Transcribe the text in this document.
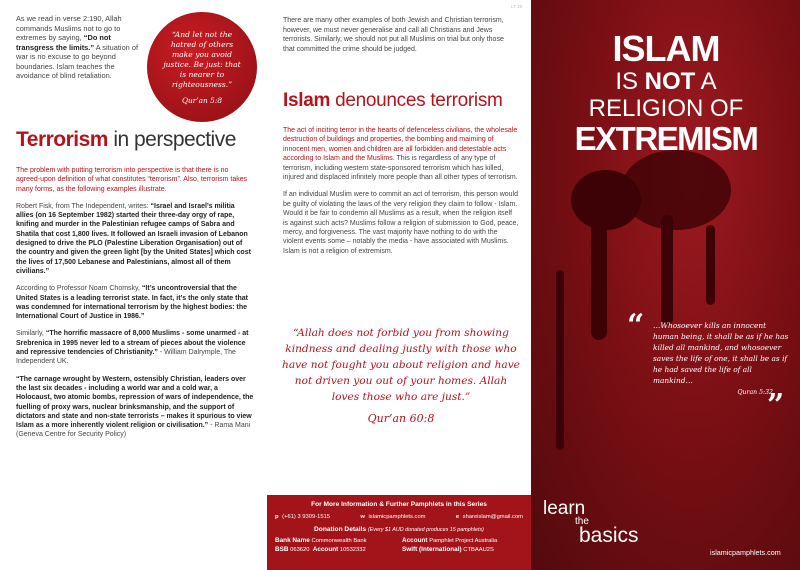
As we read in verse 2:190, Allah commands Muslims not to go to extremes by saying, “Do not transgress the limits.” A situation of war is no excuse to go beyond boundaries. Islam teaches the avoidance of blind retaliation.
“And let not the hatred of others make you avoid justice. Be just: that is nearer to righteousness.”
Qur’an 5:8
Terrorism in perspective

The problem with putting terrorism into perspective is that there is no agreed-upon definition of what constitutes “terrorism”. Also, terrorism takes many forms, as the following examples illustrate.

Robert Fisk, from The Independent, writes: “Israel and Israel’s militia allies (on 16 September 1982) started their three-day orgy of rape, knifing and murder in the Palestinian refugee camps of Sabra and Shatila that cost 1,800 lives. It followed an Israeli invasion of Lebanon designed to drive the PLO (Palestine Liberation Organisation) out of the country and given the green light [by the United States] which cost the lives of 17,500 Lebanese and Palestinians, almost all of them civilians.”

According to Professor Noam Chomsky, “It’s uncontroversial that the United States is a leading terrorist state. In fact, it’s the only state that was condemned for international terrorism by the highest bodies: the International Court of Justice in 1986.”

Similarly, “The horrific massacre of 8,000 Muslims - some unarmed - at Srebrenica in 1995 never led to a stream of pieces about the violence and repressive tendencies of Christianity.” - William Dalrymple, The Independent UK.

“The carnage wrought by Western, ostensibly Christian, leaders over the last six decades - including a world war and a cold war, a Holocaust, two atomic bombs, repression of wars of independence, the fuelling of proxy wars, nuclear brinksmanship, and the support of dictators and state and non-state terrorists – makes it spurious to view Islam as a more inherently violent religion or civilisation.” - Rama Mani (Geneva Centre for Security Policy)

LT 25
There are many other examples of both Jewish and Christian terrorism, however, we must never generalise and call all Christians and Jews terrorists. Similarly, we should not put all Muslims on trial but only those that committed the crime should be judged.
Islam denounces terrorism

The act of inciting terror in the hearts of defenceless civilians, the wholesale destruction of buildings and properties, the bombing and maiming of innocent men, women and children are all forbidden and detestable acts according to Islam and the Muslims. This is regardless of any type of terrorism, including western state-sponsored terrorism which has killed, injured and displaced infinitely more people than all other types of terrorism.

If an individual Muslim were to commit an act of terrorism, this person would be guilty of violating the laws of the very religion they claim to follow - Islam. Would it be fair to condemn all Muslims as a result, when the religion itself is against such acts? Muslims follow a religion of submission to God, peace, mercy, and forgiveness. The vast majority have nothing to do with the violent events some – notably the media - have associated with Muslims. Islam is not a religion of extremism.

“Allah does not forbid you from showing kindness and dealing justly with those who have not fought you about religion and have not driven you out of your homes. Allah loves those who are just.”
Qur’an 60:8
For More Information & Further Pamphlets in this Series
p (+61) 3 9309-1515	w islamicpamphlets.com	e shareislam@gmail.com
Donation Details (Every $1 AUD donated produces 15 pamphlets)
Bank Name Commonwealth Bank	Account Pamphlet Project Australia
BSB 063620 Account 10532332	Swift (International) CTBAAU2S
ISLAM
IS NOT A
RELIGION OF
EXTREMISM
“ …Whosoever kills an innocent human being, it shall be as if he has killed all mankind, and whosoever saves the life of one, it shall be as if he had saved the life of all mankind…
Quran 5:32
”
learn
the
basics
islamicpamphlets.com
